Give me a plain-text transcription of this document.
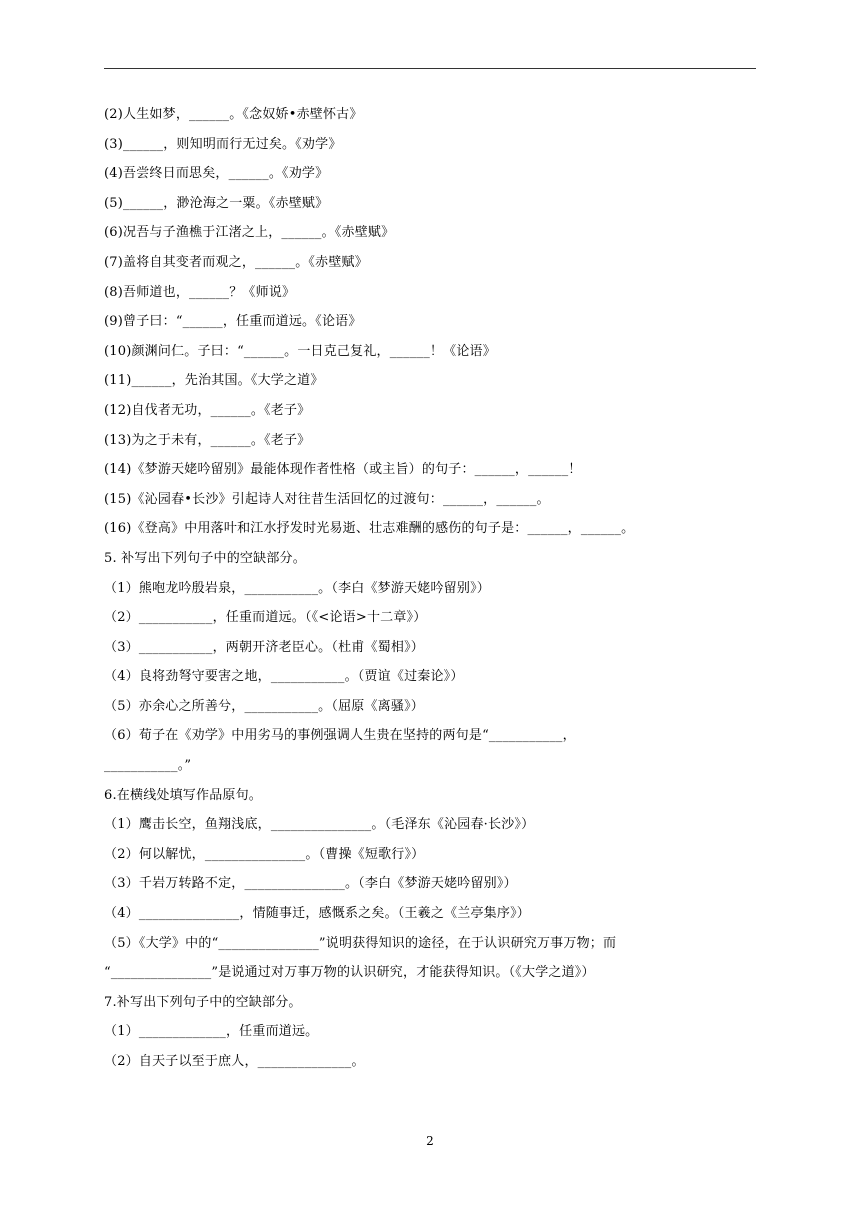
(2)人生如梦，______。《念奴娇•赤壁怀古》
(3)______，则知明而行无过矣。《劝学》
(4)吾尝终日而思矣，______。《劝学》
(5)______，渺沧海之一粟。《赤壁赋》
(6)况吾与子渔樵于江渚之上，______。《赤壁赋》
(7)盖将自其变者而观之，______。《赤壁赋》
(8)吾师道也，______？《师说》
(9)曾子曰：“______，任重而道远。《论语》
(10)颜渊问仁。子曰：“______。一日克己复礼，______！《论语》
(11)______，先治其国。《大学之道》
(12)自伐者无功，______。《老子》
(13)为之于未有，______。《老子》
(14)《梦游天姥吟留别》最能体现作者性格（或主旨）的句子：______，______！
(15)《沁园春•长沙》引起诗人对往昔生活回忆的过渡句：______，______。
(16)《登高》中用落叶和江水抒发时光易逝、壮志难酬的感伤的句子是：______，______。
5. 补写出下列句子中的空缺部分。
（1）熊咆龙吟殷岩泉，___________。（李白《梦游天姥吟留别》）
（2）___________，任重而道远。（《<论语>十二章》）
（3）___________，两朝开济老臣心。（杜甫《蜀相》）
（4）良将劲弩守要害之地，___________。（贾谊《过秦论》）
（5）亦余心之所善兮，___________。（屈原《离骚》）
（6）荀子在《劝学》中用劣马的事例强调人生贵在坚持的两句是“___________，
___________。”
6.在横线处填写作品原句。
（1）鹰击长空，鱼翔浅底，_______________。（毛泽东《沁园春·长沙》）
（2）何以解忧，_______________。（曹操《短歌行》）
（3）千岩万转路不定，_______________。（李白《梦游天姥吟留别》）
（4）_______________，情随事迁，感慨系之矣。（王羲之《兰亭集序》）
（5）《大学》中的“_______________”说明获得知识的途径，在于认识研究万事万物；而
“_______________”是说通过对万事万物的认识研究，才能获得知识。（《大学之道》）
7.补写出下列句子中的空缺部分。
（1）_____________，任重而道远。
（2）自天子以至于庶人，______________。
2
